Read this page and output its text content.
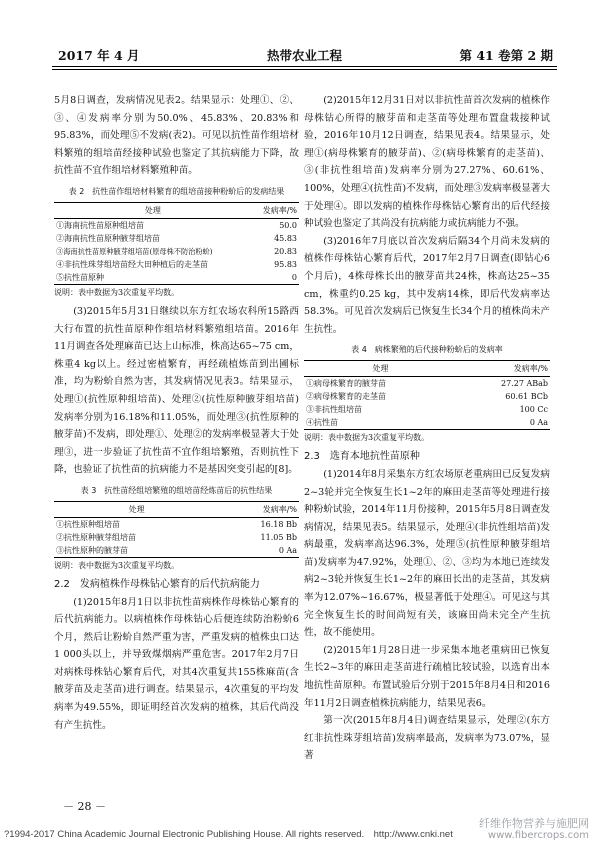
2017 年 4 月	热带农业工程	第 41 卷第 2 期

5月8日调查，发病情况见表2。结果显示：处理①、②、③、④发病率分别为50.0%、45.83%、20.83%和95.83%，而处理⑤不发病(表2)。可见以抗性苗作组培材料繁殖的组培苗经接种试验也鉴定了其抗病能力下降，故抗性苗不宜作组培材料繁殖种苗。

表 2　抗性苗作组培材料繁育的组培苗接种粉蚧后的发病结果
处理	发病率/%
①海南抗性苗原种组培苗	50.0
②海南抗性苗原种腋芽组培苗	45.83
③海南抗性苗原种腋芽组培苗(原母株不防治粉蚧)	20.83
④非抗性珠芽组培苗经大田种植后的走茎苗	95.83
⑤抗性苗原种	0
说明：表中数据为3次重复平均数。

(3)2015年5月31日继续以东方红农场农科所15路西大行布置的抗性苗原种作组培材料繁殖组培苗。2016年11月调查各处理麻苗已达上山标准，株高达65~75 cm，株重4 kg以上。经过密植繁育，再经疏植炼苗到出圃标准，均为粉蚧自然为害，其发病情况见表3。结果显示，处理①(抗性原种组培苗)、处理②(抗性原种腋芽组培苗)发病率分别为16.18%和11.05%，而处理③(抗性原种的腋芽苗)不发病，即处理①、处理②的发病率极显著大于处理③，进一步验证了抗性苗不宜作组培繁殖，否则抗性下降，也验证了抗性苗的抗病能力不是基因突变引起的[8]。

表 3　抗性苗经组培繁殖的组培苗经炼苗后的抗性结果
处理	发病率/%
①抗性原种组培苗	16.18 Bb
②抗性原种腋芽组培苗	11.05 Bb
③抗性原种的腋芽苗	0 Aa
说明：表中数据为3次重复平均数。

2.2　发病植株作母株钻心繁育的后代抗病能力

(1)2015年8月1日以非抗性苗病株作母株钻心繁育的后代抗病能力。以病植株作母株钻心后便连续防治粉蚧6个月，然后让粉蚧自然严重为害，严重发病的植株虫口达1 000头以上，并导致煤烟病严重危害。2017年2月7日对病株母株钻心繁育后代，对其4次重复共155株麻苗(含腋芽苗及走茎苗)进行调查。结果显示，4次重复的平均发病率为49.55%，即证明经首次发病的植株，其后代尚没有产生抗性。

(2)2015年12月31日对以非抗性苗首次发病的植株作母株钻心所得的腋芽苗和走茎苗等处理布置盘栽接种试验，2016年10月12日调查，结果见表4。结果显示，处理①(病母株繁育的腋芽苗)、②(病母株繁育的走茎苗)、③(非抗性组培苗)发病率分别为27.27%、60.61%、100%，处理④(抗性苗)不发病，而处理③发病率极显著大于处理④。即以发病的植株作母株钻心繁育出的后代经接种试验也鉴定了其尚没有抗病能力或抗病能力不强。

(3)2016年7月底以首次发病后隔34个月尚未发病的植株作母株钻心繁育后代，2017年2月7日调查(即钻心6个月后)，4株母株长出的腋芽苗共24株，株高达25~35 cm，株重约0.25 kg，其中发病14株，即后代发病率达58.3%。可见首次发病后已恢复生长34个月的植株尚未产生抗性。

表 4　病株繁殖的后代接种粉蚧后的发病率
处理	发病率/%
①病母株繁育的腋芽苗	27.27 ABab
②病母株繁育的走茎苗	60.61 BCb
③非抗性组培苗	100 Cc
④抗性苗	0 Aa
说明：表中数据为3次重复平均数。

2.3　选育本地抗性苗原种

(1)2014年8月采集东方红农场原老重病田已反复发病2~3轮并完全恢复生长1~2年的麻田走茎苗等处理进行接种粉蚧试验，2014年11月份接种，2015年5月8日调查发病情况，结果见表5。结果显示，处理④(非抗性组培苗)发病最重，发病率高达96.3%，处理⑤(抗性原种腋芽组培苗)发病率为47.92%，处理①、②、③均为本地已连续发病2~3轮并恢复生长1~2年的麻田长出的走茎苗，其发病率为12.07%~16.67%，极显著低于处理④。可见这与其完全恢复生长的时间尚短有关，该麻田尚未完全产生抗性，故不能使用。

(2)2015年1月28日进一步采集本地老重病田已恢复生长2~3年的麻田走茎苗进行疏植比较试验，以选育出本地抗性苗原种。布置试验后分别于2015年8月4日和2016年11月2日调查植株抗病能力，结果见表6。

第一次(2015年8月4日)调查结果显示，处理②(东方红非抗性珠芽组培苗)发病率最高，发病率为73.07%，显著

－ 28 －
?1994-2017 China Academic Journal Electronic Publishing House. All rights reserved.　http://www.cnki.net
纤维作物营养与施肥网
www.fibercrops.com
